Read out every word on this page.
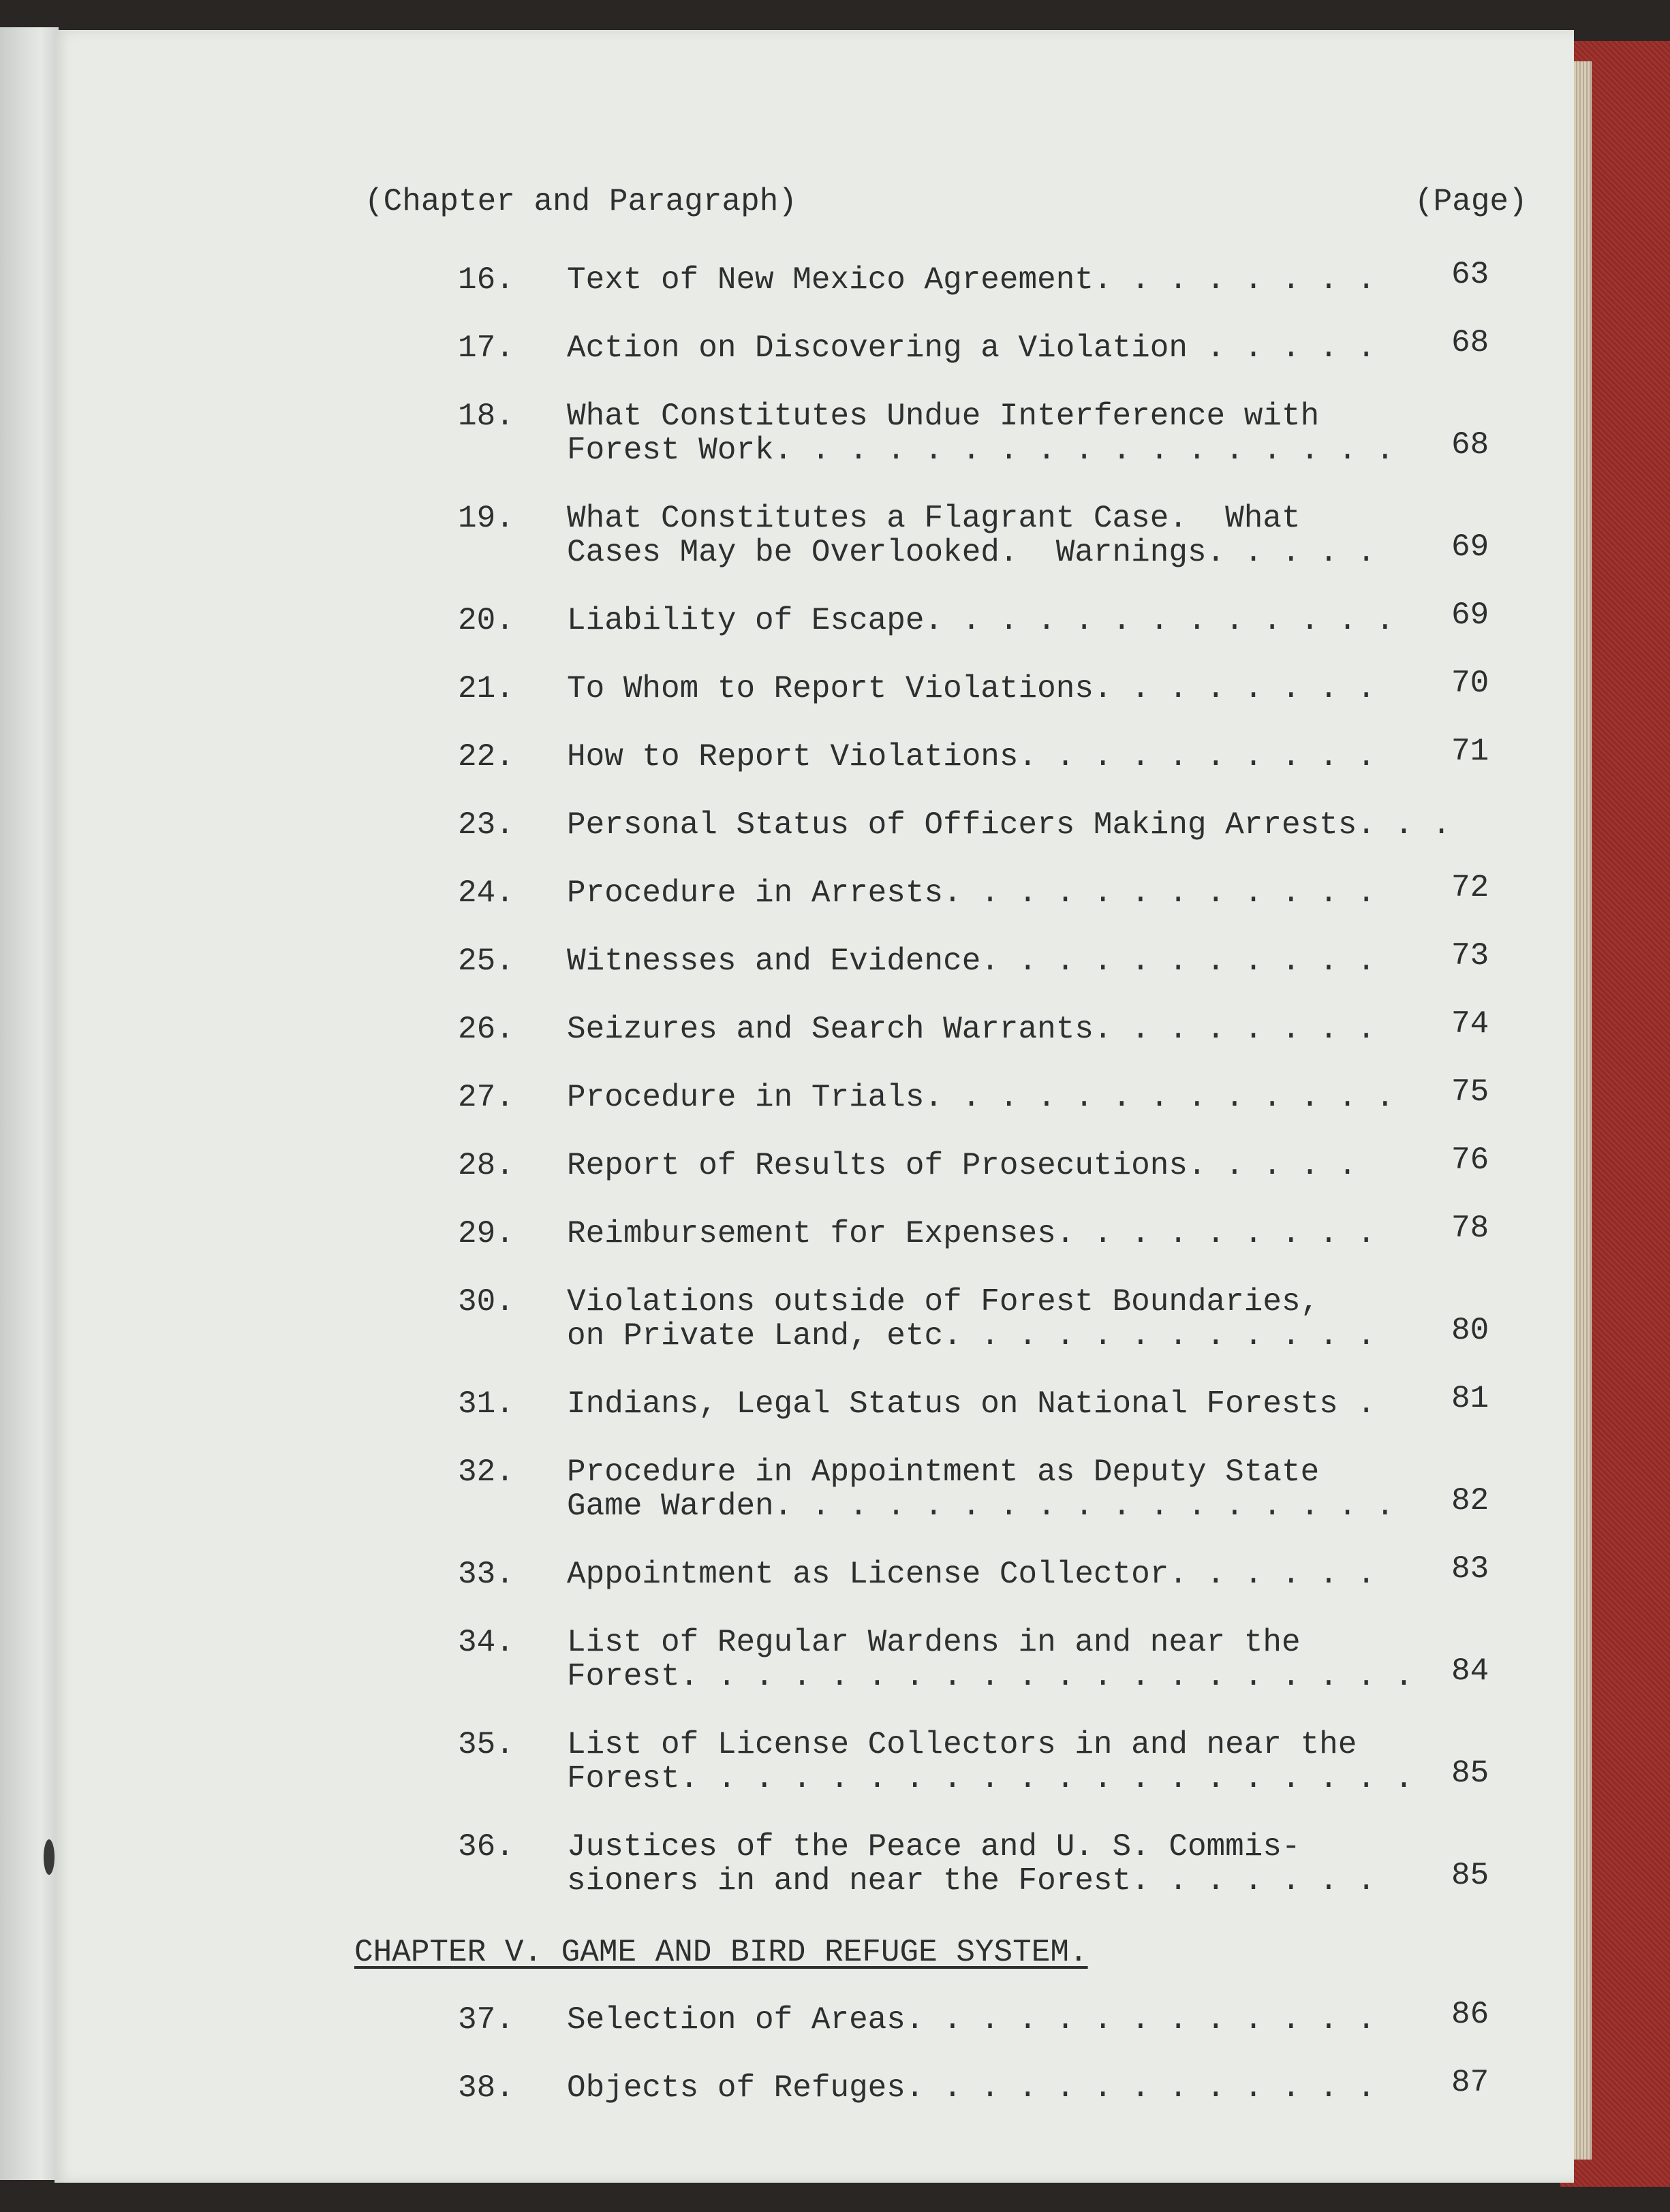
(Chapter and Paragraph)	(Page)
16. Text of New Mexico Agreement. . . . . . . . 63
17. Action on Discovering a Violation . . . . . 68
18. What Constitutes Undue Interference with
Forest Work. . . . . . . . . . . . . . . . . 68
19. What Constitutes a Flagrant Case.  What
Cases May be Overlooked.  Warnings. . . . . 69
20. Liability of Escape. . . . . . . . . . . . . 69
21. To Whom to Report Violations. . . . . . . . 70
22. How to Report Violations. . . . . . . . . . 71
23. Personal Status of Officers Making Arrests. . .
24. Procedure in Arrests. . . . . . . . . . . . 72
25. Witnesses and Evidence. . . . . . . . . . . 73
26. Seizures and Search Warrants. . . . . . . . 74
27. Procedure in Trials. . . . . . . . . . . . . 75
28. Report of Results of Prosecutions. . . . .	76
29. Reimbursement for Expenses. . . . . . . . . 78
30. Violations outside of Forest Boundaries,
on Private Land, etc. . . . . . . . . . . . 80
31. Indians, Legal Status on National Forests . 81
32. Procedure in Appointment as Deputy State
Game Warden. . . . . . . . . . . . . . . . . 82
33. Appointment as License Collector. . . . . . 83
34. List of Regular Wardens in and near the
Forest. . . . . . . . . . . . . . . . . . . . 84
35. List of License Collectors in and near the
Forest. . . . . . . . . . . . . . . . . . . . 85
36. Justices of the Peace and U. S. Commis-
sioners in and near the Forest. . . . . . . 85
CHAPTER V. GAME AND BIRD REFUGE SYSTEM.
37. Selection of Areas. . . . . . . . . . . . . 86
38. Objects of Refuges. . . . . . . . . . . . . 87
